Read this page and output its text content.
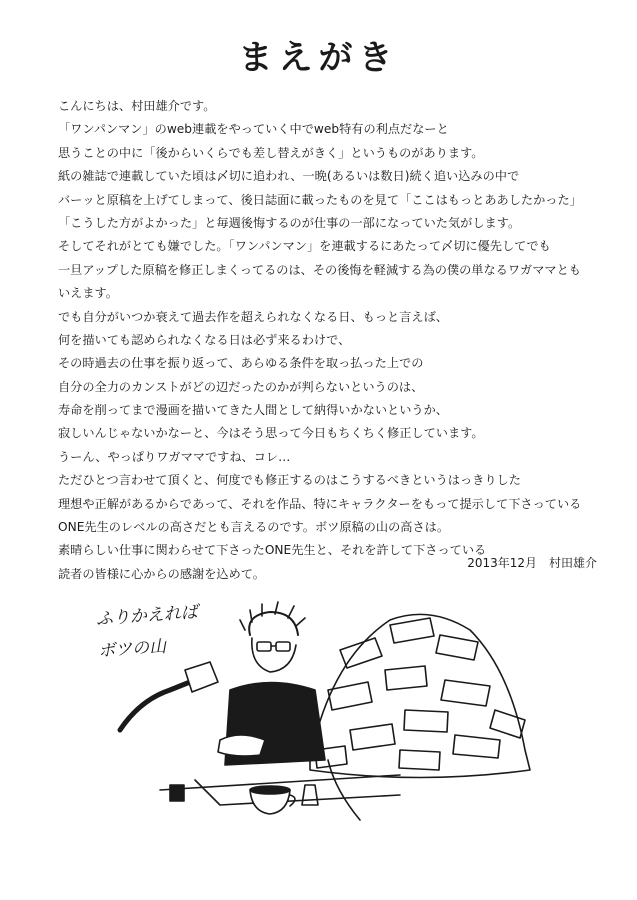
まえがき
こんにちは、村田雄介です。
「ワンパンマン」のweb連載をやっていく中でweb特有の利点だなーと
思うことの中に「後からいくらでも差し替えがきく」というものがあります。
紙の雑誌で連載していた頃は〆切に追われ、一晩(あるいは数日)続く追い込みの中で
バーッと原稿を上げてしまって、後日誌面に載ったものを見て「ここはもっとああしたかった」
「こうした方がよかった」と毎週後悔するのが仕事の一部になっていた気がします。
そしてそれがとても嫌でした。「ワンパンマン」を連載するにあたって〆切に優先してでも
一旦アップした原稿を修正しまくってるのは、その後悔を軽減する為の僕の単なるワガママとも
いえます。
でも自分がいつか衰えて過去作を超えられなくなる日、もっと言えば、
何を描いても認められなくなる日は必ず来るわけで、
その時過去の仕事を振り返って、あらゆる条件を取っ払った上での
自分の全力のカンストがどの辺だったのかが判らないというのは、
寿命を削ってまで漫画を描いてきた人間として納得いかないというか、
寂しいんじゃないかなーと、今はそう思って今日もちくちく修正しています。
うーん、やっぱりワガママですね、コレ…
ただひとつ言わせて頂くと、何度でも修正するのはこうするべきというはっきりした
理想や正解があるからであって、それを作品、特にキャラクターをもって提示して下さっている
ONE先生のレベルの高さだとも言えるのです。ボツ原稿の山の高さは。
素晴らしい仕事に関わらせて下さったONE先生と、それを許して下さっている
読者の皆様に心からの感謝を込めて。
2013年12月　村田雄介
ふりかえれば
ボツの山
